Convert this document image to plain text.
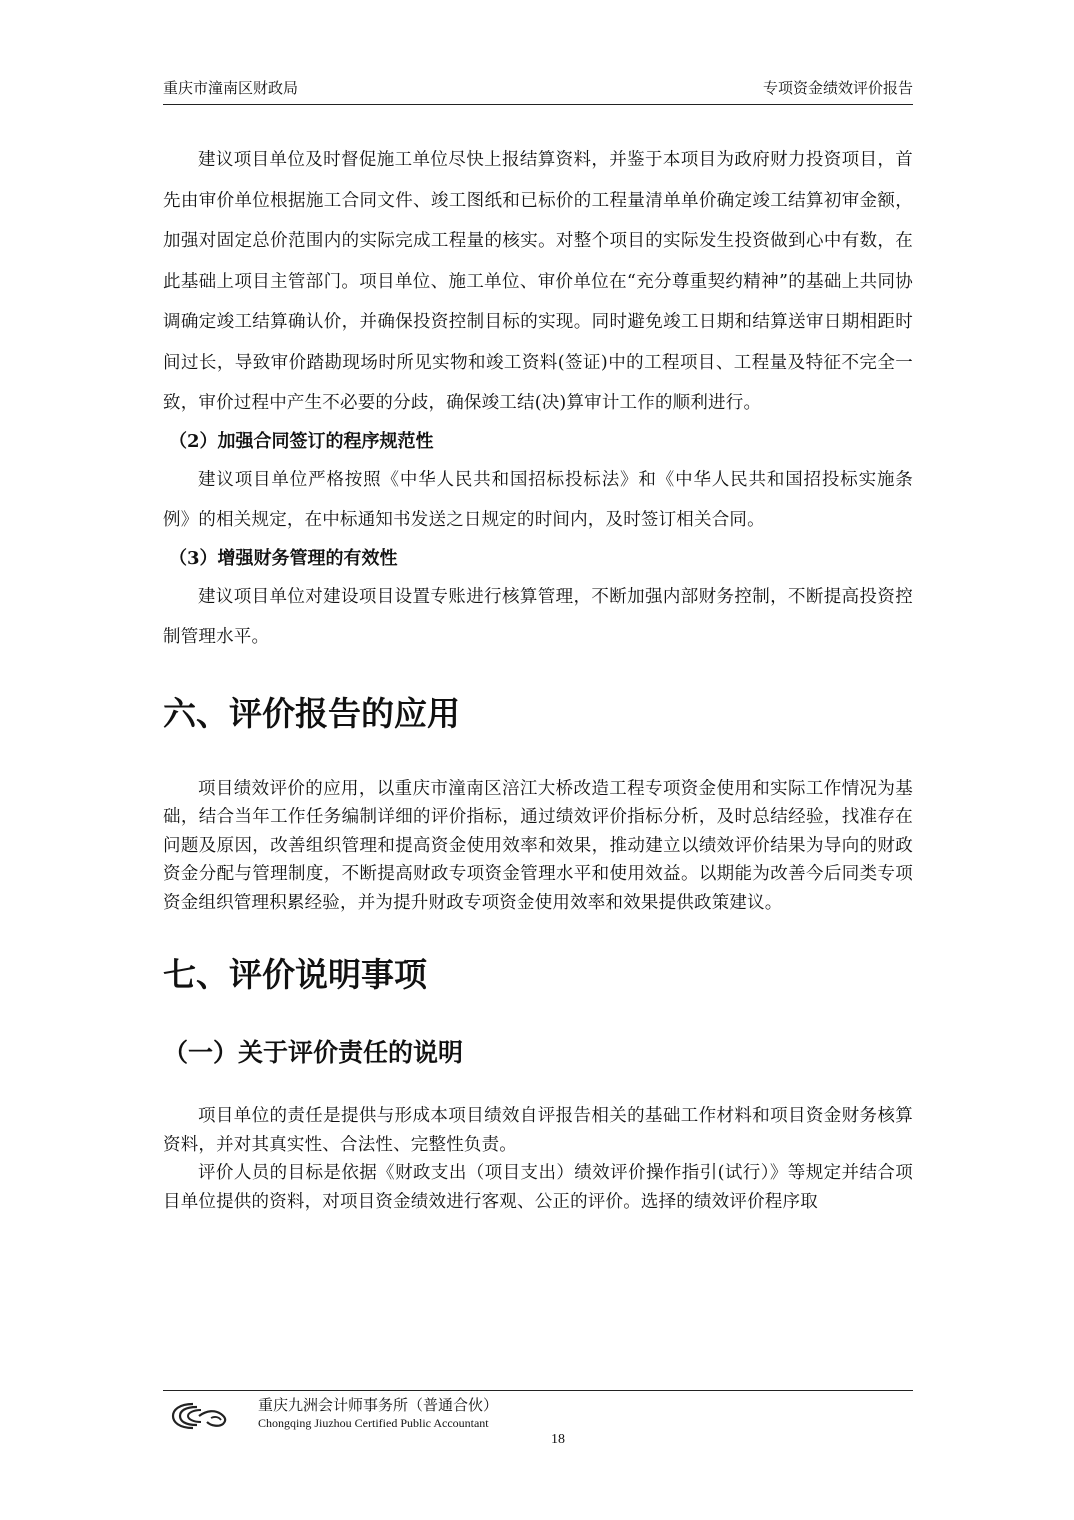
重庆市潼南区财政局	专项资金绩效评价报告

建议项目单位及时督促施工单位尽快上报结算资料，并鉴于本项目为政府财力投资项目，首先由审价单位根据施工合同文件、竣工图纸和已标价的工程量清单单价确定竣工结算初审金额，加强对固定总价范围内的实际完成工程量的核实。对整个项目的实际发生投资做到心中有数，在此基础上项目主管部门。项目单位、施工单位、审价单位在“充分尊重契约精神”的基础上共同协调确定竣工结算确认价，并确保投资控制目标的实现。同时避免竣工日期和结算送审日期相距时间过长，导致审价踏勘现场时所见实物和竣工资料(签证)中的工程项目、工程量及特征不完全一致，审价过程中产生不必要的分歧，确保竣工结(决)算审计工作的顺利进行。

（2）加强合同签订的程序规范性

建议项目单位严格按照《中华人民共和国招标投标法》和《中华人民共和国招投标实施条例》的相关规定，在中标通知书发送之日规定的时间内，及时签订相关合同。

（3）增强财务管理的有效性

建议项目单位对建设项目设置专账进行核算管理，不断加强内部财务控制，不断提高投资控制管理水平。

六、评价报告的应用

项目绩效评价的应用，以重庆市潼南区涪江大桥改造工程专项资金使用和实际工作情况为基础，结合当年工作任务编制详细的评价指标，通过绩效评价指标分析，及时总结经验，找准存在问题及原因，改善组织管理和提高资金使用效率和效果，推动建立以绩效评价结果为导向的财政资金分配与管理制度，不断提高财政专项资金管理水平和使用效益。以期能为改善今后同类专项资金组织管理积累经验，并为提升财政专项资金使用效率和效果提供政策建议。

七、评价说明事项
（一）关于评价责任的说明

项目单位的责任是提供与形成本项目绩效自评报告相关的基础工作材料和项目资金财务核算资料，并对其真实性、合法性、完整性负责。

评价人员的目标是依据《财政支出（项目支出）绩效评价操作指引(试行）》等规定并结合项目单位提供的资料，对项目资金绩效进行客观、公正的评价。选择的绩效评价程序取

重庆九洲会计师事务所（普通合伙）
Chongqing Jiuzhou Certified Public Accountant
18
